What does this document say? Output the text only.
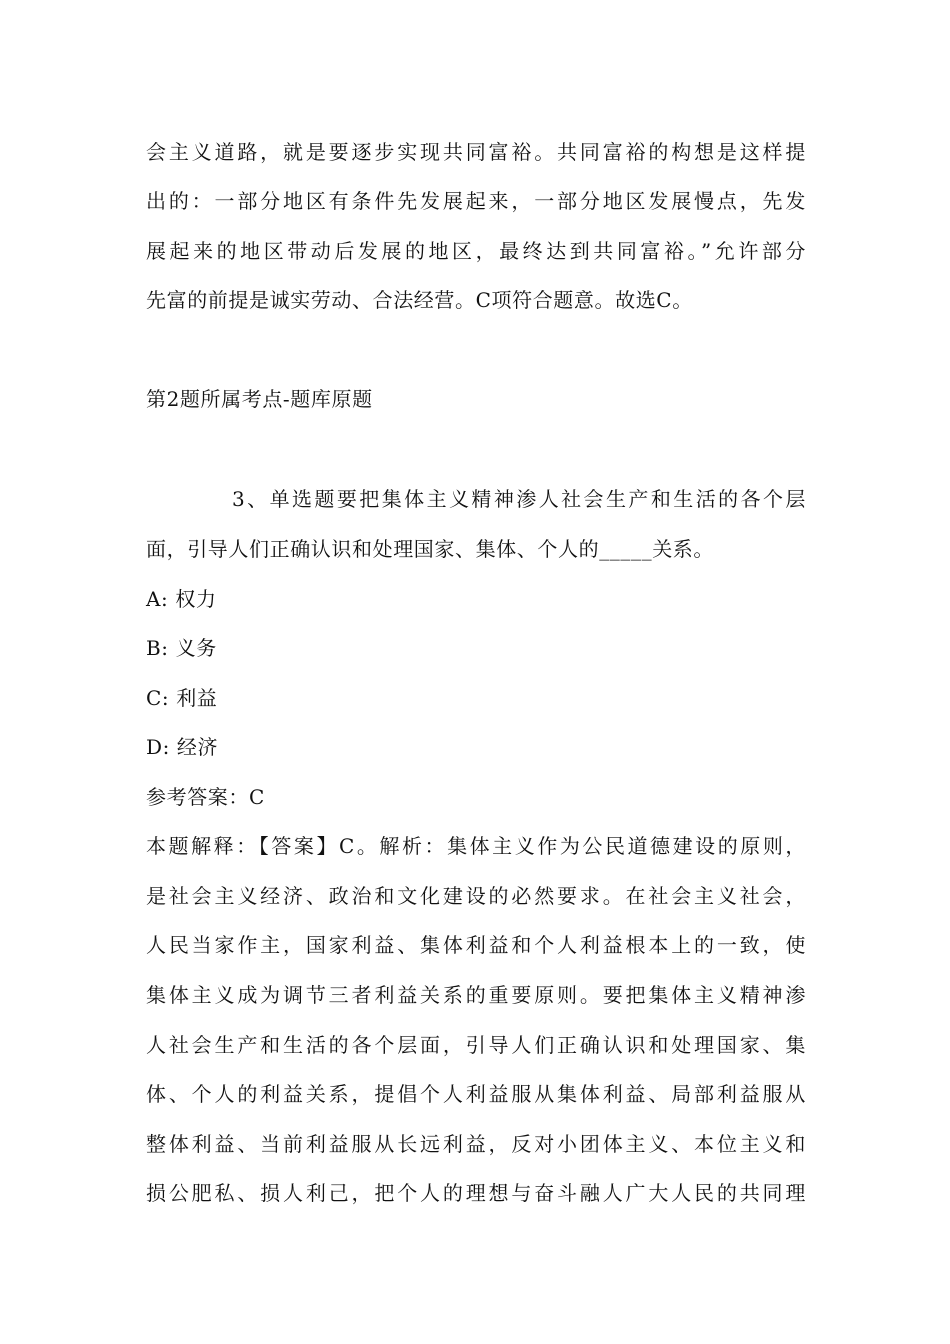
会主义道路，就是要逐步实现共同富裕。共同富裕的构想是这样提
出的：一部分地区有条件先发展起来，一部分地区发展慢点，先发
展起来的地区带动后发展的地区，最终达到共同富裕。”允许部分
先富的前提是诚实劳动、合法经营。C项符合题意。故选C。
第2题所属考点-题库原题
3、单选题要把集体主义精神渗人社会生产和生活的各个层
面，引导人们正确认识和处理国家、集体、个人的_____关系。
A: 权力
B: 义务
C: 利益
D: 经济
参考答案：C
本题解释：【答案】C。解析：集体主义作为公民道德建设的原则，
是社会主义经济、政治和文化建设的必然要求。在社会主义社会，
人民当家作主，国家利益、集体利益和个人利益根本上的一致，使
集体主义成为调节三者利益关系的重要原则。要把集体主义精神渗
人社会生产和生活的各个层面，引导人们正确认识和处理国家、集
体、个人的利益关系，提倡个人利益服从集体利益、局部利益服从
整体利益、当前利益服从长远利益，反对小团体主义、本位主义和
损公肥私、损人利己，把个人的理想与奋斗融人广大人民的共同理
